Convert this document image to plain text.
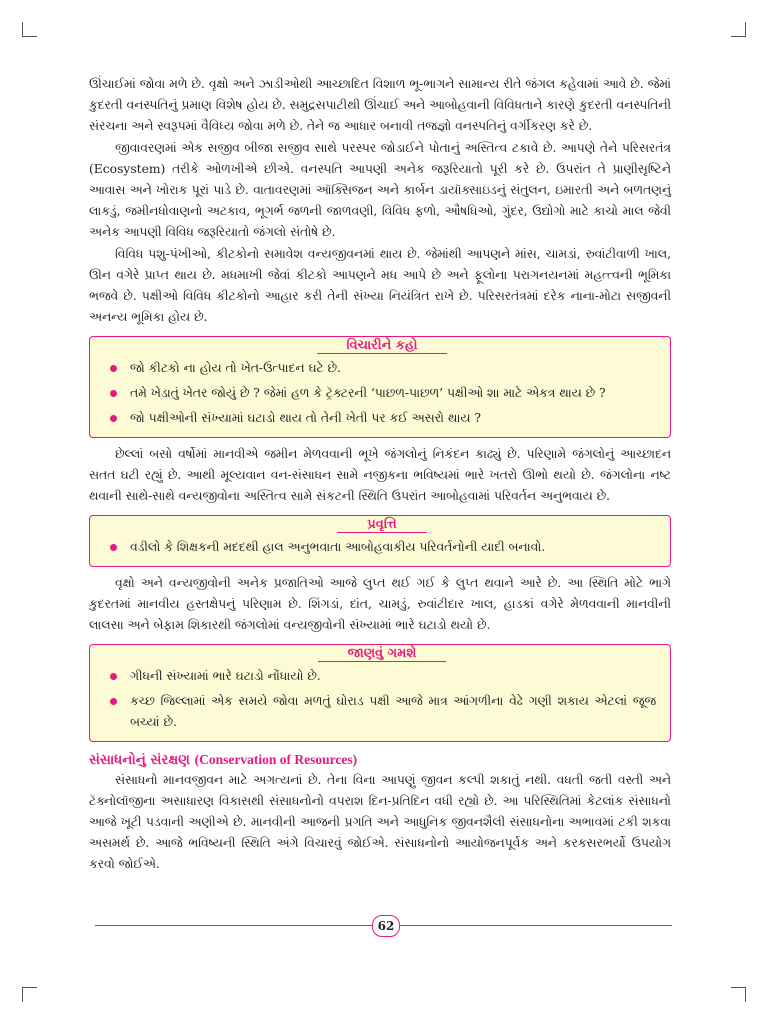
ઊંચાઈમાં જોવા મળે છે. વૃક્ષો અને ઝાડીઓથી આચ્છાદિત વિશાળ ભૂ-ભાગને સામાન્ય રીતે જંગલ કહેવામાં આવે છે. જેમાં કુદરતી વનસ્પતિનું પ્રમાણ વિશેષ હોય છે. સમુદ્રસપાટીથી ઊંચાઈ અને આબોહવાની વિવિધતાને કારણે કુદરતી વનસ્પતિની સંરચના અને સ્વરૂપમાં વૈવિધ્ય જોવા મળે છે. તેને જ આધાર બનાવી તજજ્ઞો વનસ્પતિનું વર્ગીકરણ કરે છે.

જીવાવરણમાં એક સજીવ બીજા સજીવ સાથે પરસ્પર જોડાઈને પોતાનું અસ્તિત્વ ટકાવે છે. આપણે તેને પરિસરતંત્ર (Ecosystem) તરીકે ઓળખીએ છીએ. વનસ્પતિ આપણી અનેક જરૂરિયાતો પૂરી કરે છે. ઉપરાંત તે પ્રાણીસૃષ્ટિને આવાસ અને ખોરાક પૂરાં પાડે છે. વાતાવરણમાં ઑક્સિજન અને કાર્બન ડાયૉક્સાઇડનું સંતુલન, ઇમારતી અને બળતણનું લાકડું, જમીનધોવાણનો અટકાવ, ભૂગર્ભ જળની જાળવણી, વિવિધ ફળો, ઔષધિઓ, ગુંદર, ઉદ્યોગો માટે કાચો માલ જેવી અનેક આપણી વિવિધ જરૂરિયાતો જંગલો સંતોષે છે.

વિવિધ પશુ-પંખીઓ, કીટકોનો સમાવેશ વન્યજીવનમાં થાય છે. જેમાંથી આપણને માંસ, ચામડાં, રુવાંટીવાળી ખાલ, ઊન વગેરે પ્રાપ્ત થાય છે. મધમાખી જેવાં કીટકો આપણને મધ આપે છે અને ફૂલોના પરાગનયનમાં મહત્ત્વની ભૂમિકા ભજવે છે. પક્ષીઓ વિવિધ કીટકોનો આહાર કરી તેની સંખ્યા નિયંત્રિત રાખે છે. પરિસરતંત્રમાં દરેક નાના-મોટા સજીવની અનન્ય ભૂમિકા હોય છે.

વિચારીને કહો
જો કીટકો ના હોય તો ખેત-ઉત્પાદન ઘટે છે.
તમે ખેડાતું ખેતર જોયું છે ? જેમાં હળ કે ટ્રૅક્ટરની ‘પાછળ-પાછળ’ પક્ષીઓ શા માટે એકત્ર થાય છે ?
જો પક્ષીઓની સંખ્યામાં ઘટાડો થાય તો તેની ખેતી પર કઈ અસરો થાય ?

છેલ્લાં બસો વર્ષોમાં માનવીએ જમીન મેળવવાની ભૂખે જંગલોનું નિકંદન કાઢ્યું છે. પરિણામે જંગલોનું આચ્છાદન સતત ઘટી રહ્યું છે. આથી મૂલ્યવાન વન-સંસાધન સામે નજીકના ભવિષ્યમાં ભારે ખતરો ઊભો થયો છે. જંગલોના નષ્ટ થવાની સાથે-સાથે વન્યજીવોના અસ્તિત્વ સામે સંકટની સ્થિતિ ઉપરાંત આબોહવામાં પરિવર્તન અનુભવાય છે.

પ્રવૃત્તિ
વડીલો કે શિક્ષકની મદદથી હાલ અનુભવાતા આબોહવાકીય પરિવર્તનોની યાદી બનાવો.

વૃક્ષો અને વન્યજીવોની અનેક પ્રજાતિઓ આજે લુપ્ત થઈ ગઈ કે લુપ્ત થવાને આરે છે. આ સ્થિતિ મોટે ભાગે કુદરતમાં માનવીય હસ્તક્ષેપનું પરિણામ છે. શિંગડાં, દાંત, ચામડું, રુવાંટીદાર ખાલ, હાડકાં વગેરે મેળવવાની માનવીની લાલસા અને બેફામ શિકારથી જંગલોમાં વન્યજીવોની સંખ્યામાં ભારે ઘટાડો થયો છે.

જાણવું ગમશે
ગીધની સંખ્યામાં ભારે ઘટાડો નોંધાયો છે.
કચ્છ જિલ્લામાં એક સમયે જોવા મળતું ઘોરાડ પક્ષી આજે માત્ર આંગળીના વેઢે ગણી શકાય એટલાં જૂજ બચ્યાં છે.
સંસાધનોનું સંરક્ષણ (Conservation of Resources)

સંસાધનો માનવજીવન માટે અગત્યનાં છે. તેના વિના આપણું જીવન કલ્પી શકાતું નથી. વધતી જતી વસ્તી અને ટૅક્નોલૉજીના અસાધારણ વિકાસથી સંસાધનોનો વપરાશ દિન-પ્રતિદિન વધી રહ્યો છે. આ પરિસ્થિતિમાં કેટલાંક સંસાધનો આજે ખૂટી પડવાની અણીએ છે. માનવીની આજની પ્રગતિ અને આધુનિક જીવનશૈલી સંસાધનોના અભાવમાં ટકી શકવા અસમર્થ છે. આજે ભવિષ્યની સ્થિતિ અંગે વિચારવું જોઈએ. સંસાધનોનો આયોજનપૂર્વક અને કરકસરભર્યો ઉપયોગ કરવો જોઈએ.

62
